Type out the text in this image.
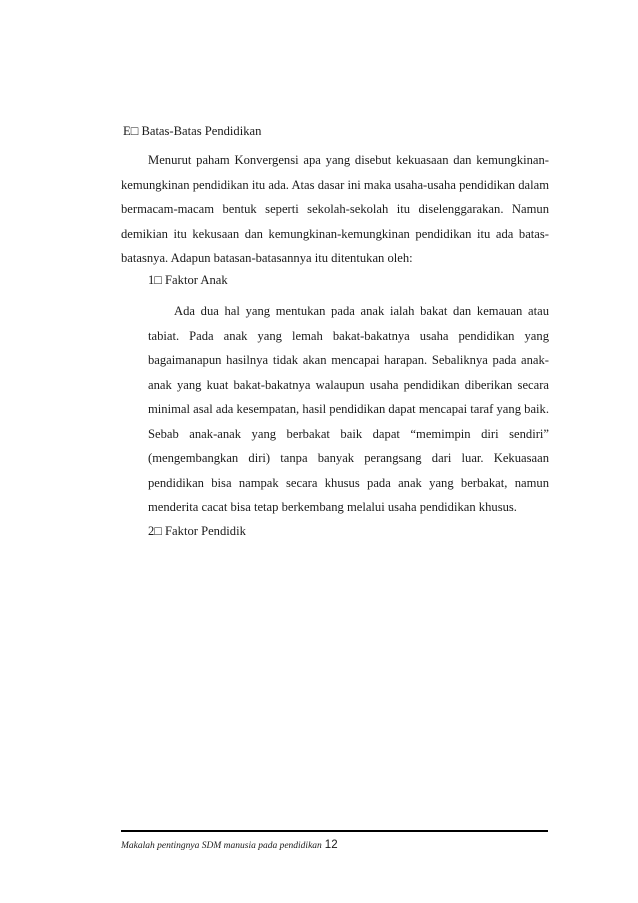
E□ Batas-Batas Pendidikan

Menurut paham Konvergensi apa yang disebut kekuasaan dan kemungkinan-kemungkinan pendidikan itu ada. Atas dasar ini maka usaha-usaha pendidikan dalam bermacam-macam bentuk seperti sekolah-sekolah itu diselenggarakan. Namun demikian itu kekusaan dan kemungkinan-kemungkinan pendidikan itu ada batas-batasnya. Adapun batasan-batasannya itu ditentukan oleh:

1□ Faktor Anak

Ada dua hal yang mentukan pada anak ialah bakat dan kemauan atau tabiat. Pada anak yang lemah bakat-bakatnya usaha pendidikan yang bagaimanapun hasilnya tidak akan mencapai harapan. Sebaliknya pada anak-anak yang kuat bakat-bakatnya walaupun usaha pendidikan diberikan secara minimal asal ada kesempatan, hasil pendidikan dapat mencapai taraf yang baik. Sebab anak-anak yang berbakat baik dapat “memimpin diri sendiri” (mengembangkan diri) tanpa banyak perangsang dari luar. Kekuasaan pendidikan bisa nampak secara khusus pada anak yang berbakat, namun menderita cacat bisa tetap berkembang melalui usaha pendidikan khusus.

2□ Faktor Pendidik
Makalah pentingnya SDM manusia pada pendidikan 12
